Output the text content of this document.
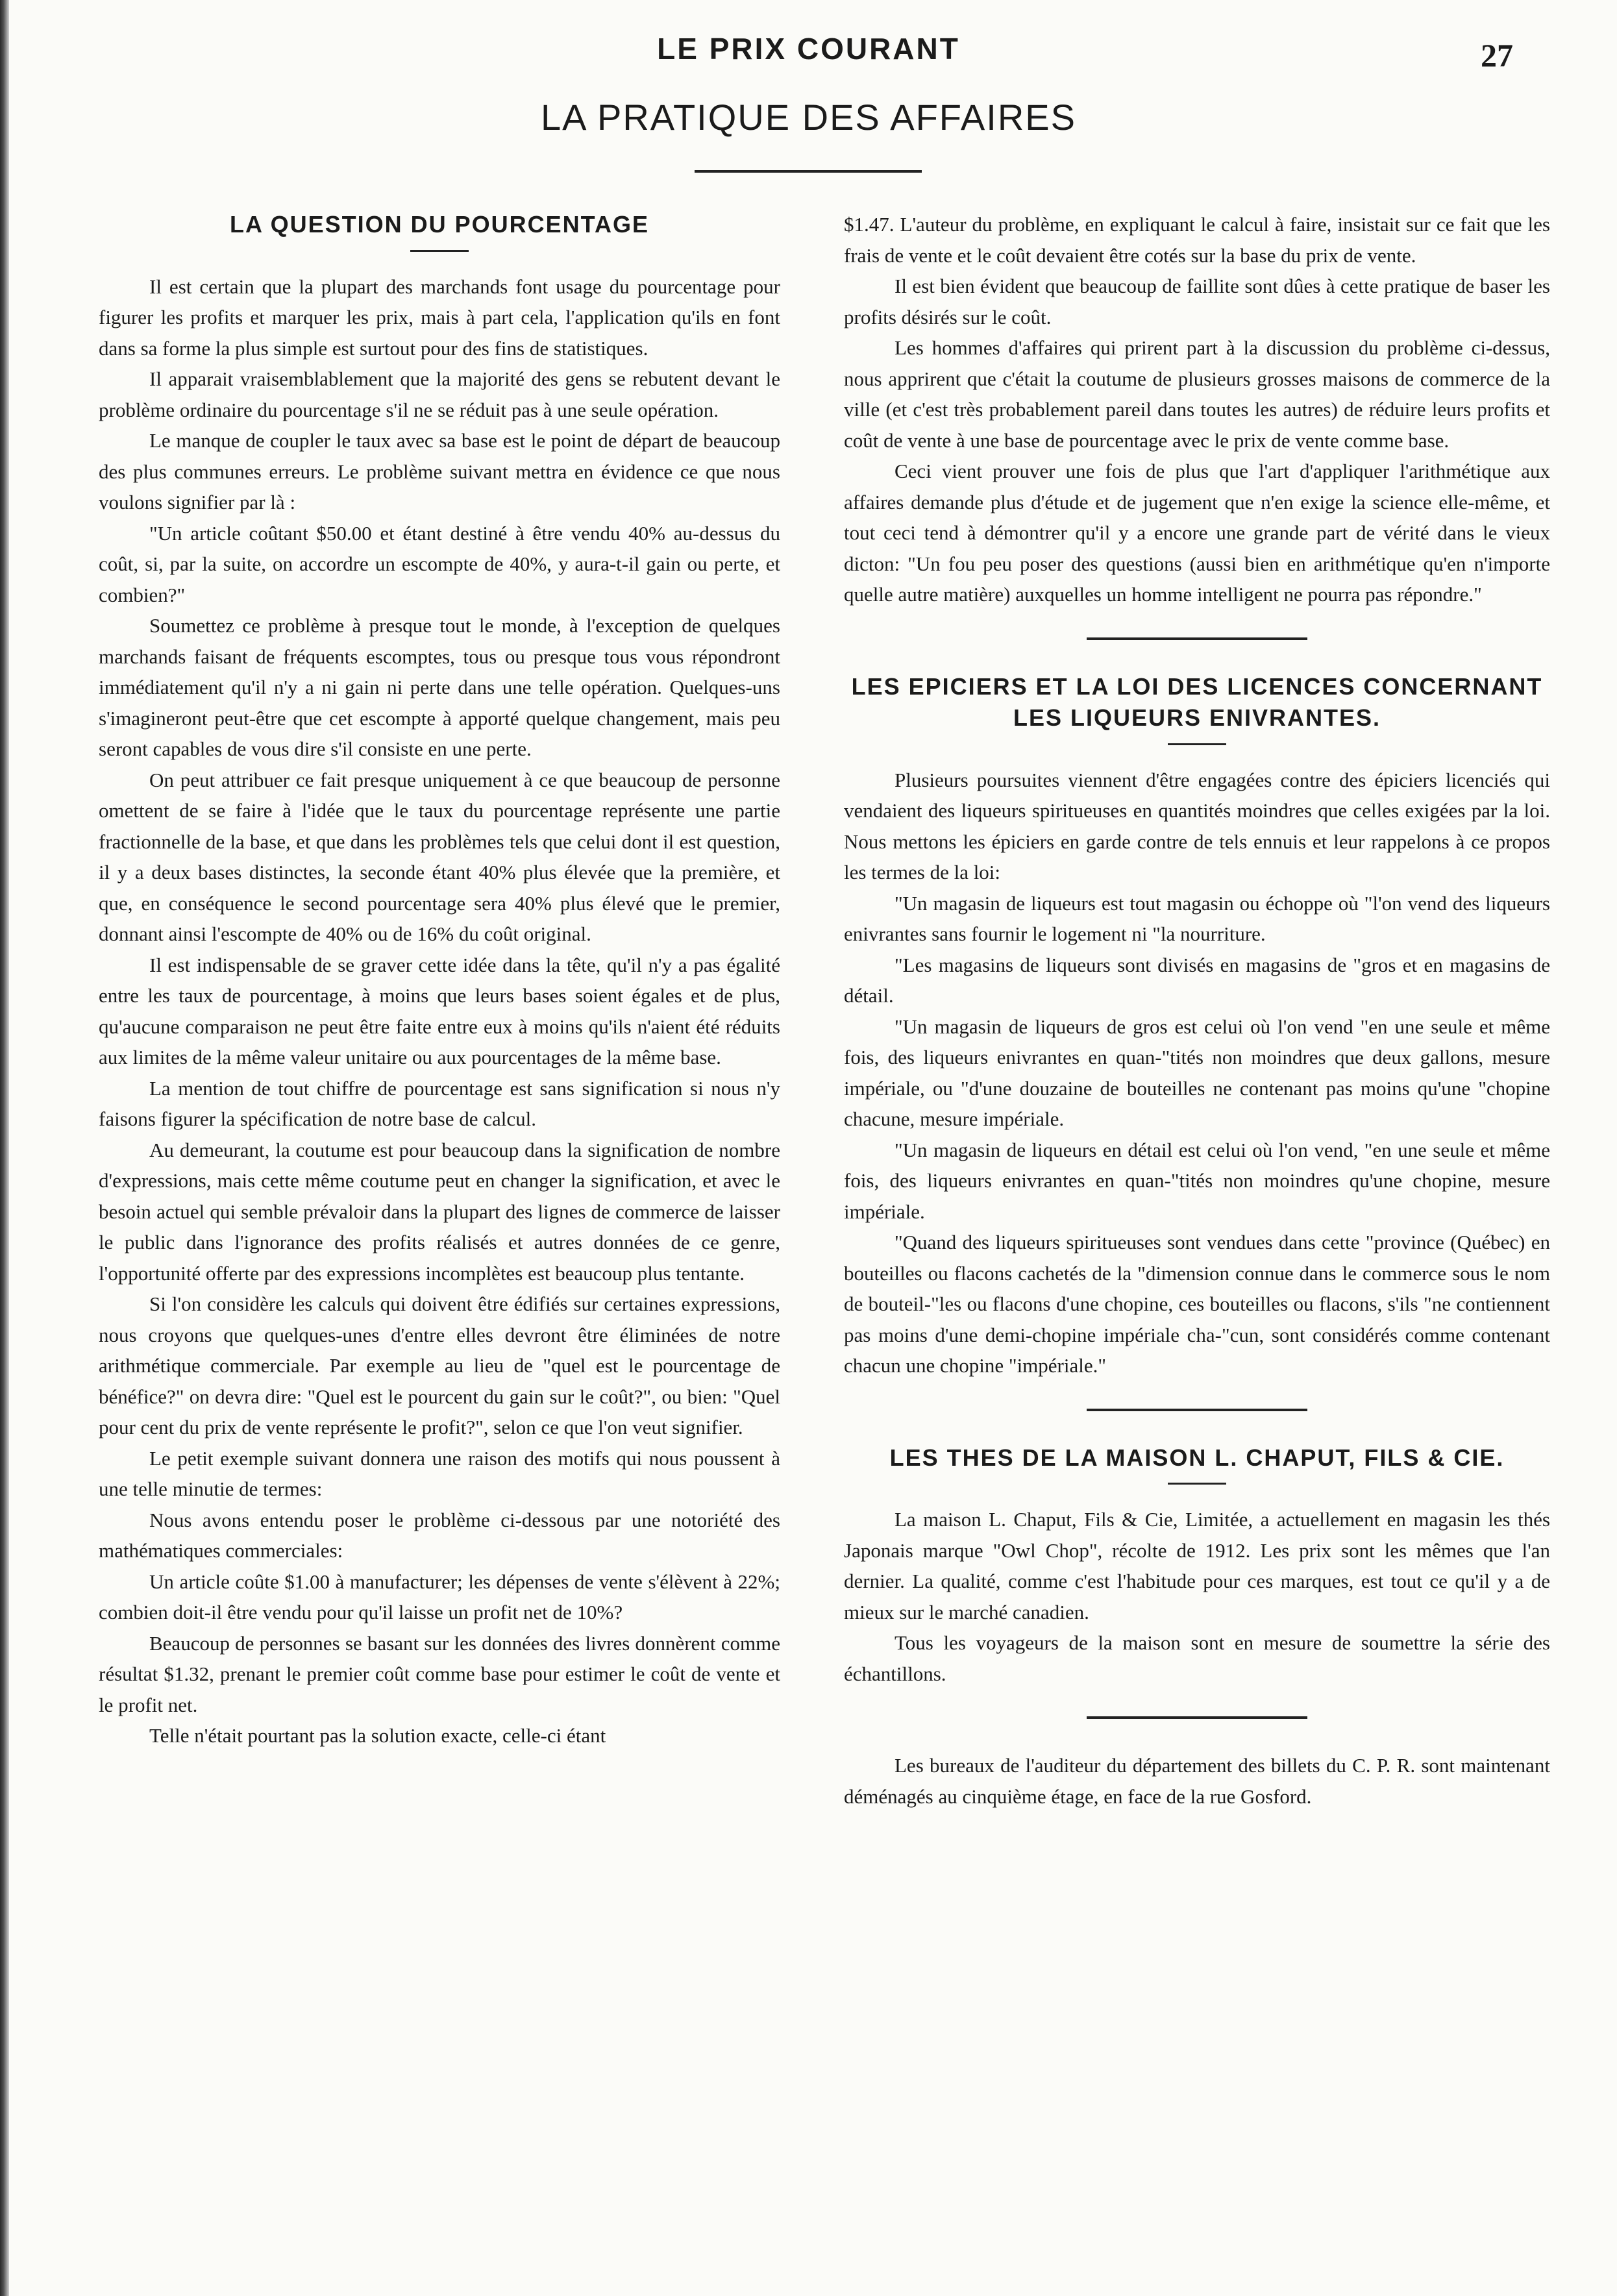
LE PRIX COURANT	27
LA PRATIQUE DES AFFAIRES
LA QUESTION DU POURCENTAGE

Il est certain que la plupart des marchands font usage du pourcentage pour figurer les profits et marquer les prix, mais à part cela, l'application qu'ils en font dans sa forme la plus simple est surtout pour des fins de statistiques.

Il apparait vraisemblablement que la majorité des gens se rebutent devant le problème ordinaire du pourcentage s'il ne se réduit pas à une seule opération.

Le manque de coupler le taux avec sa base est le point de départ de beaucoup des plus communes erreurs. Le problème suivant mettra en évidence ce que nous voulons signifier par là :

"Un article coûtant $50.00 et étant destiné à être vendu 40% au-dessus du coût, si, par la suite, on accordre un escompte de 40%, y aura-t-il gain ou perte, et combien?"

Soumettez ce problème à presque tout le monde, à l'exception de quelques marchands faisant de fréquents escomptes, tous ou presque tous vous répondront immédiatement qu'il n'y a ni gain ni perte dans une telle opération. Quelques-uns s'imagineront peut-être que cet escompte à apporté quelque changement, mais peu seront capables de vous dire s'il consiste en une perte.

On peut attribuer ce fait presque uniquement à ce que beaucoup de personne omettent de se faire à l'idée que le taux du pourcentage représente une partie fractionnelle de la base, et que dans les problèmes tels que celui dont il est question, il y a deux bases distinctes, la seconde étant 40% plus élevée que la première, et que, en conséquence le second pourcentage sera 40% plus élevé que le premier, donnant ainsi l'escompte de 40% ou de 16% du coût original.

Il est indispensable de se graver cette idée dans la tête, qu'il n'y a pas égalité entre les taux de pourcentage, à moins que leurs bases soient égales et de plus, qu'aucune comparaison ne peut être faite entre eux à moins qu'ils n'aient été réduits aux limites de la même valeur unitaire ou aux pourcentages de la même base.

La mention de tout chiffre de pourcentage est sans signification si nous n'y faisons figurer la spécification de notre base de calcul.

Au demeurant, la coutume est pour beaucoup dans la signification de nombre d'expressions, mais cette même coutume peut en changer la signification, et avec le besoin actuel qui semble prévaloir dans la plupart des lignes de commerce de laisser le public dans l'ignorance des profits réalisés et autres données de ce genre, l'opportunité offerte par des expressions incomplètes est beaucoup plus tentante.

Si l'on considère les calculs qui doivent être édifiés sur certaines expressions, nous croyons que quelques-unes d'entre elles devront être éliminées de notre arithmétique commerciale. Par exemple au lieu de "quel est le pourcentage de bénéfice?" on devra dire: "Quel est le pourcent du gain sur le coût?", ou bien: "Quel pour cent du prix de vente représente le profit?", selon ce que l'on veut signifier.

Le petit exemple suivant donnera une raison des motifs qui nous poussent à une telle minutie de termes:

Nous avons entendu poser le problème ci-dessous par une notoriété des mathématiques commerciales:

Un article coûte $1.00 à manufacturer; les dépenses de vente s'élèvent à 22%; combien doit-il être vendu pour qu'il laisse un profit net de 10%?

Beaucoup de personnes se basant sur les données des livres donnèrent comme résultat $1.32, prenant le premier coût comme base pour estimer le coût de vente et le profit net.

Telle n'était pourtant pas la solution exacte, celle-ci étant

$1.47. L'auteur du problème, en expliquant le calcul à faire, insistait sur ce fait que les frais de vente et le coût devaient être cotés sur la base du prix de vente.

Il est bien évident que beaucoup de faillite sont dûes à cette pratique de baser les profits désirés sur le coût.

Les hommes d'affaires qui prirent part à la discussion du problème ci-dessus, nous apprirent que c'était la coutume de plusieurs grosses maisons de commerce de la ville (et c'est très probablement pareil dans toutes les autres) de réduire leurs profits et coût de vente à une base de pourcentage avec le prix de vente comme base.

Ceci vient prouver une fois de plus que l'art d'appliquer l'arithmétique aux affaires demande plus d'étude et de jugement que n'en exige la science elle-même, et tout ceci tend à démontrer qu'il y a encore une grande part de vérité dans le vieux dicton: "Un fou peu poser des questions (aussi bien en arithmétique qu'en n'importe quelle autre matière) auxquelles un homme intelligent ne pourra pas répondre."

LES EPICIERS ET LA LOI DES LICENCES CONCERNANT LES LIQUEURS ENIVRANTES.

Plusieurs poursuites viennent d'être engagées contre des épiciers licenciés qui vendaient des liqueurs spiritueuses en quantités moindres que celles exigées par la loi. Nous mettons les épiciers en garde contre de tels ennuis et leur rappelons à ce propos les termes de la loi:

"Un magasin de liqueurs est tout magasin ou échoppe où "l'on vend des liqueurs enivrantes sans fournir le logement ni "la nourriture.

"Les magasins de liqueurs sont divisés en magasins de "gros et en magasins de détail.

"Un magasin de liqueurs de gros est celui où l'on vend "en une seule et même fois, des liqueurs enivrantes en quan-"tités non moindres que deux gallons, mesure impériale, ou "d'une douzaine de bouteilles ne contenant pas moins qu'une "chopine chacune, mesure impériale.

"Un magasin de liqueurs en détail est celui où l'on vend, "en une seule et même fois, des liqueurs enivrantes en quan-"tités non moindres qu'une chopine, mesure impériale.

"Quand des liqueurs spiritueuses sont vendues dans cette "province (Québec) en bouteilles ou flacons cachetés de la "dimension connue dans le commerce sous le nom de bouteil-"les ou flacons d'une chopine, ces bouteilles ou flacons, s'ils "ne contiennent pas moins d'une demi-chopine impériale cha-"cun, sont considérés comme contenant chacun une chopine "impériale."

LES THES DE LA MAISON L. CHAPUT, FILS & CIE.

La maison L. Chaput, Fils & Cie, Limitée, a actuellement en magasin les thés Japonais marque "Owl Chop", récolte de 1912. Les prix sont les mêmes que l'an dernier. La qualité, comme c'est l'habitude pour ces marques, est tout ce qu'il y a de mieux sur le marché canadien.

Tous les voyageurs de la maison sont en mesure de soumettre la série des échantillons.

Les bureaux de l'auditeur du département des billets du C. P. R. sont maintenant déménagés au cinquième étage, en face de la rue Gosford.
